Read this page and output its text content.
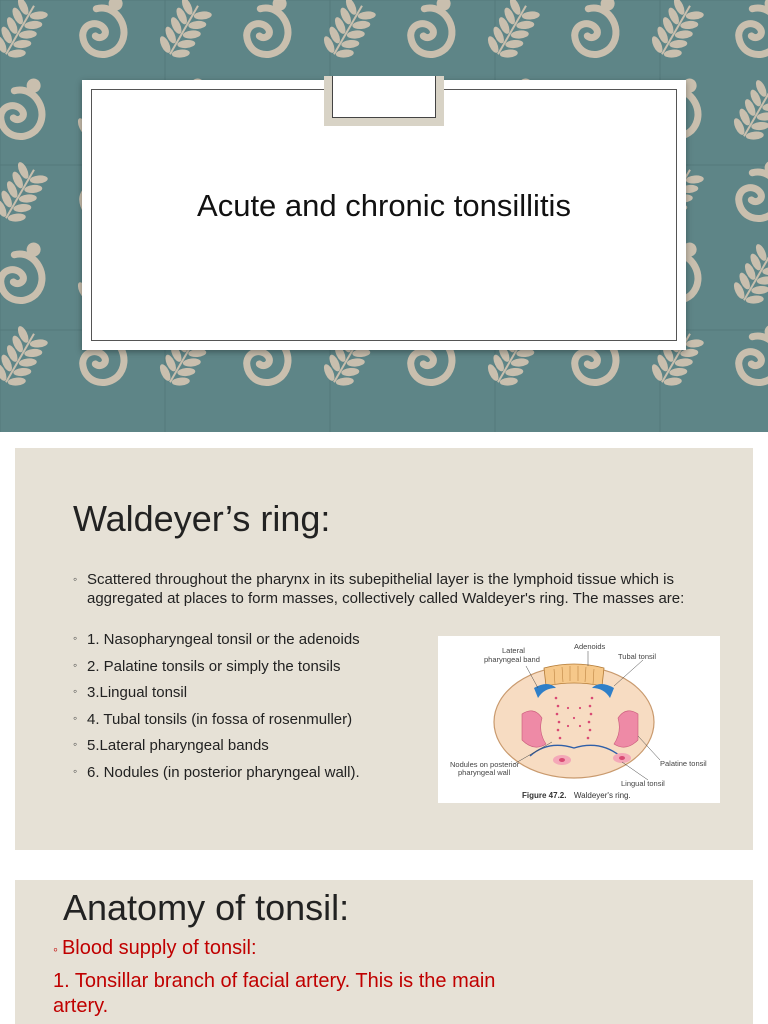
Acute and chronic tonsillitis
Waldeyer’s ring:
◦ Scattered throughout the pharynx in its subepithelial layer is the lymphoid tissue which is aggregated at places to form masses, collectively called Waldeyer's ring. The masses are:
◦ 1. Nasopharyngeal tonsil or the adenoids
◦ 2. Palatine tonsils or simply the tonsils
◦ 3.Lingual tonsil
◦ 4. Tubal tonsils (in fossa of rosenmuller)
◦ 5.Lateral pharyngeal bands
◦ 6. Nodules (in posterior pharyngeal wall).
Adenoids
Lateral
pharyngeal band	Tubal tonsil
Palatine tonsil
Nodules on posterior
pharyngeal wall
Lingual tonsil
Figure 47.2. Waldeyer's ring.
Anatomy of tonsil:
◦ Blood supply of tonsil:
1. Tonsillar branch of facial artery. This is the main artery.
